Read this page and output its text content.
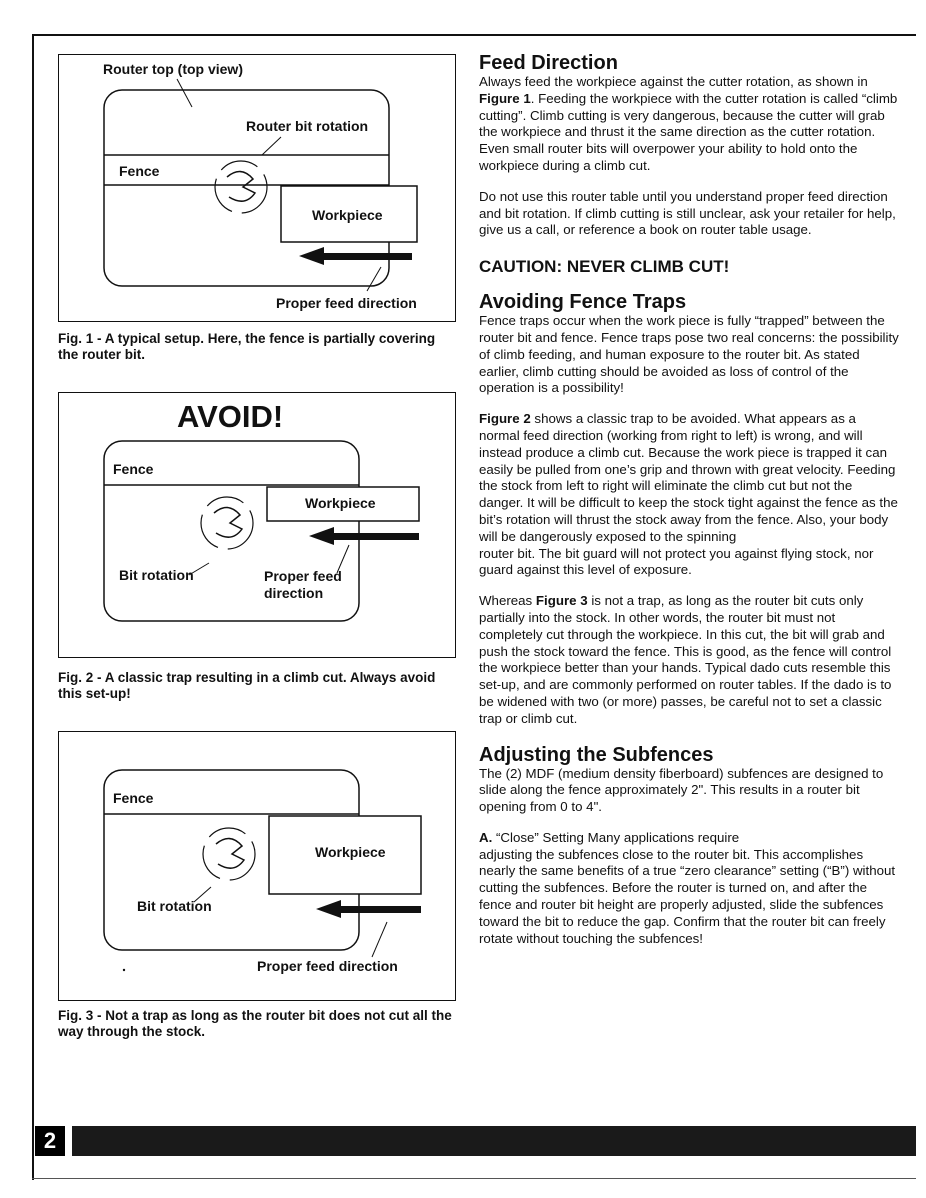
Router top (top view)
Router bit rotation
Fence
Workpiece
Proper feed direction
Fig. 1 - A typical setup. Here, the fence is partially covering the router bit.
AVOID!
Fence
Workpiece
Bit rotation	Proper feed
direction
Fig. 2 - A classic trap resulting in a climb cut. Always avoid this set-up!
Fence
Workpiece
Bit rotation
Proper feed direction
Fig. 3 - Not a trap as long as the router bit does not cut all the way through the stock.
Feed Direction

Always feed the workpiece against the cutter rotation, as shown in Figure 1. Feeding the workpiece with the cutter rotation is called “climb cutting”. Climb cutting is very dangerous, because the cutter will grab the workpiece and thrust it the same direction as the cutter rotation. Even small router bits will overpower your ability to hold onto the workpiece during a climb cut.

Do not use this router table until you understand proper feed direction and bit rotation. If climb cutting is still unclear, ask your retailer for help, give us a call, or reference a book on router table usage.

CAUTION: NEVER CLIMB CUT!
Avoiding Fence Traps

Fence traps occur when the work piece is fully “trapped” between the router bit and fence. Fence traps pose two real concerns: the possibility of climb feeding, and human exposure to the router bit. As stated earlier, climb cutting should be avoided as loss of control of the operation is a possibility!

Figure 2 shows a classic trap to be avoided. What appears as a normal feed direction (working from right to left) is wrong, and will instead produce a climb cut. Because the work piece is trapped it can easily be pulled from one’s grip and thrown with great velocity. Feeding the stock from left to right will eliminate the climb cut but not the danger. It will be difficult to keep the stock tight against the fence as the bit’s rotation will thrust the stock away from the fence. Also, your body will be dangerously exposed to the spinning
router bit. The bit guard will not protect you against flying stock, nor guard against this level of exposure.

Whereas Figure 3 is not a trap, as long as the router bit cuts only partially into the stock. In other words, the router bit must not completely cut through the workpiece. In this cut, the bit will grab and push the stock toward the fence. This is good, as the fence will control the workpiece better than your hands. Typical dado cuts resemble this set-up, and are commonly performed on router tables. If the dado is to be widened with two (or more) passes, be careful not to set a classic trap or climb cut.

Adjusting the Subfences

The (2) MDF (medium density fiberboard) subfences are designed to slide along the fence approximately 2". This results in a router bit opening from 0 to 4".

A. “Close” Setting Many applications require
adjusting the subfences close to the router bit. This accomplishes nearly the same benefits of a true “zero clearance” setting (“B”) without cutting the subfences. Before the router is turned on, and after the fence and router bit height are properly adjusted, slide the subfences toward the bit to reduce the gap. Confirm that the router bit can freely rotate without touching the subfences!

2
